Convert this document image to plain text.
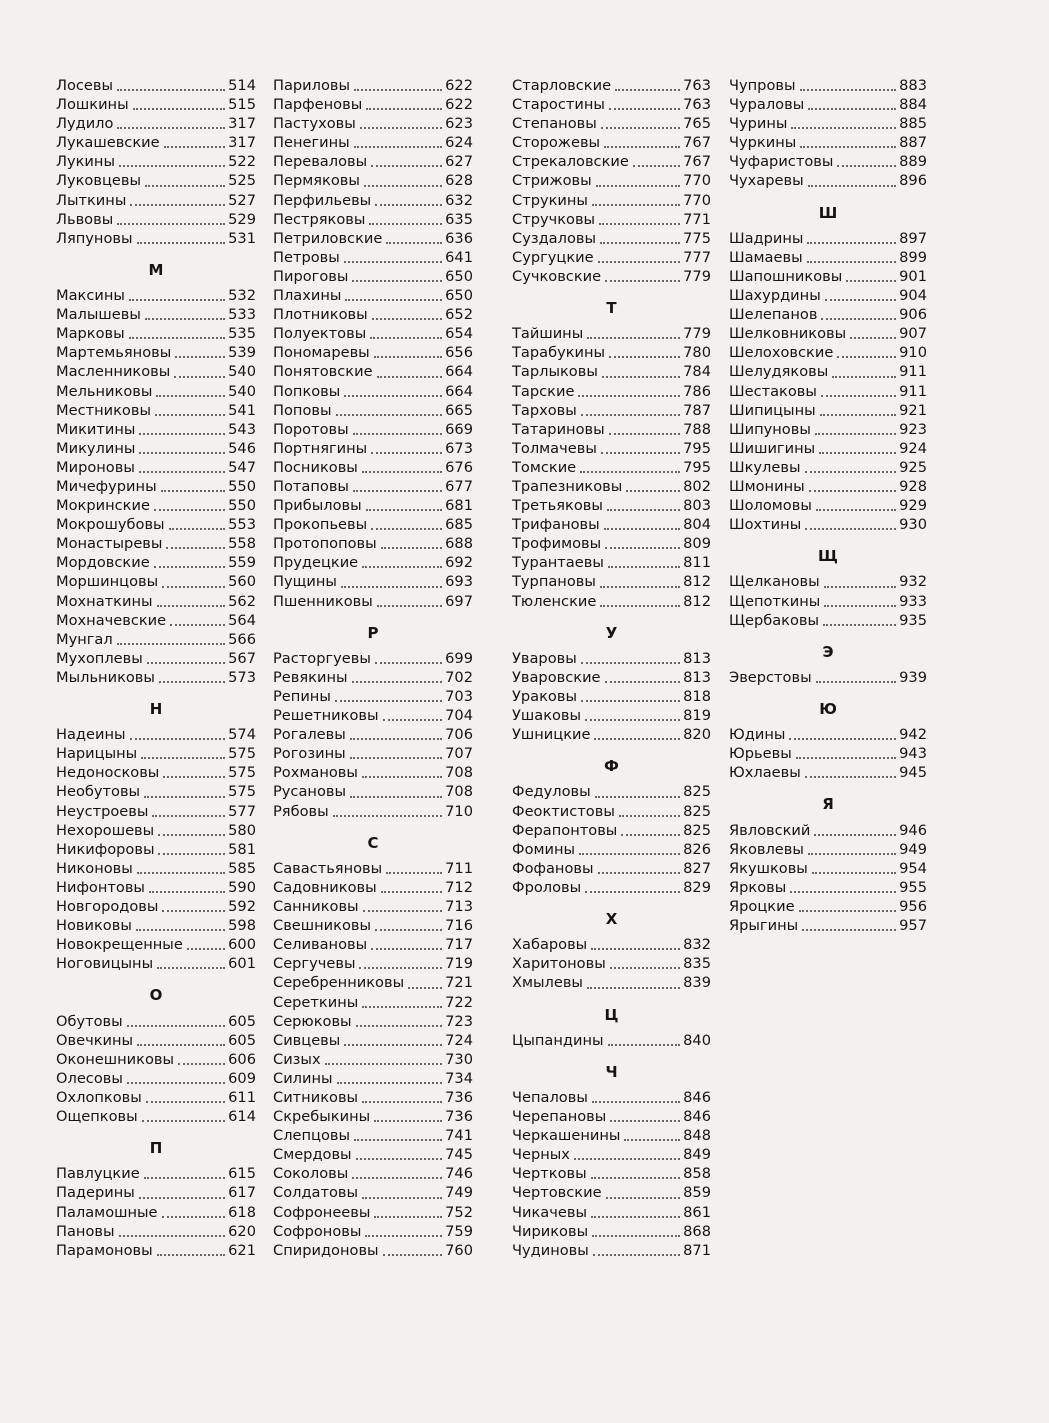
Лосевы	514
Лошкины	515
Лудило	317
Лукашевские	317
Лукины	522
Луковцевы	525
Лыткины	527
Львовы	529
Ляпуновы	531
М
Максины	532
Малышевы	533
Марковы	535
Мартемьяновы	539
Масленниковы	540
Мельниковы	540
Местниковы	541
Микитины	543
Микулины	546
Мироновы	547
Мичефурины	550
Мокринские	550
Мокрошубовы	553
Монастыревы	558
Мордовские	559
Моршинцовы	560
Мохнаткины	562
Мохначевские	564
Мунгал	566
Мухоплевы	567
Мыльниковы	573
Н
Надеины	574
Нарицыны	575
Недоносковы	575
Необутовы	575
Неустроевы	577
Нехорошевы	580
Никифоровы	581
Никоновы	585
Нифонтовы	590
Новгородовы	592
Новиковы	598
Новокрещенные	600
Ноговицыны	601
О
Обутовы	605
Овечкины	605
Оконешниковы	606
Олесовы	609
Охлопковы	611
Ощепковы	614
П
Павлуцкие	615
Падерины	617
Паламошные	618
Пановы	620
Парамоновы	621
Париловы	622
Парфеновы	622
Пастуховы	623
Пенегины	624
Перевaловы	627
Пермяковы	628
Перфильевы	632
Пестряковы	635
Петриловские	636
Петровы	641
Пироговы	650
Плахины	650
Плотниковы	652
Полуектовы	654
Пономаревы	656
Понятовские	664
Попковы	664
Поповы	665
Поротовы	669
Портнягины	673
Посниковы	676
Потаповы	677
Прибыловы	681
Прокопьевы	685
Протопоповы	688
Прудецкие	692
Пущины	693
Пшенниковы	697
Р
Расторгуевы	699
Ревякины	702
Репины	703
Решетниковы	704
Рогалевы	706
Рогозины	707
Рохмановы	708
Русановы	708
Рябовы	710
С
Савастьяновы	711
Садовниковы	712
Санниковы	713
Свешниковы	716
Селивановы	717
Сергучевы	719
Серебренниковы	721
Сереткины	722
Серюковы	723
Сивцевы	724
Сизых	730
Силины	734
Ситниковы	736
Скребыкины	736
Слепцовы	741
Смердовы	745
Соколовы	746
Солдатовы	749
Софронеевы	752
Софроновы	759
Спиридоновы	760
Старловские	763
Старостины	763
Степановы	765
Сторожевы	767
Стрекаловские	767
Стрижовы	770
Струкины	770
Стручковы	771
Суздаловы	775
Сургуцкие	777
Сучковские	779
Т
Тайшины	779
Тарабукины	780
Тарлыковы	784
Тарские	786
Тарховы	787
Татариновы	788
Толмачевы	795
Томские	795
Трапезниковы	802
Третьяковы	803
Трифановы	804
Трофимовы	809
Турантаевы	811
Турпановы	812
Тюленские	812
У
Уваровы	813
Уваровские	813
Ураковы	818
Ушаковы	819
Ушницкие	820
Ф
Федуловы	825
Феоктистовы	825
Ферапонтовы	825
Фомины	826
Фофановы	827
Фроловы	829
Х
Хабаровы	832
Харитоновы	835
Хмылевы	839
Ц
Цыпандины	840
Ч
Чепаловы	846
Черепановы	846
Черкашенины	848
Черных	849
Чертковы	858
Чертовские	859
Чикачевы	861
Чириковы	868
Чудиновы	871
Чупровы	883
Чураловы	884
Чурины	885
Чуркины	887
Чуфаристовы	889
Чухаревы	896
Ш
Шадрины	897
Шамаевы	899
Шапошниковы	901
Шахурдины	904
Шелепанов	906
Шелковниковы	907
Шелоховские	910
Шелудяковы	911
Шестаковы	911
Шипицыны	921
Шипуновы	923
Шишигины	924
Шкулевы	925
Шмонины	928
Шоломовы	929
Шохтины	930
Щ
Щелкановы	932
Щепоткины	933
Щербаковы	935
Э
Эверстовы	939
Ю
Юдины	942
Юрьевы	943
Юхлаевы	945
Я
Явловский	946
Яковлевы	949
Якушковы	954
Ярковы	955
Яроцкие	956
Ярыгины	957
